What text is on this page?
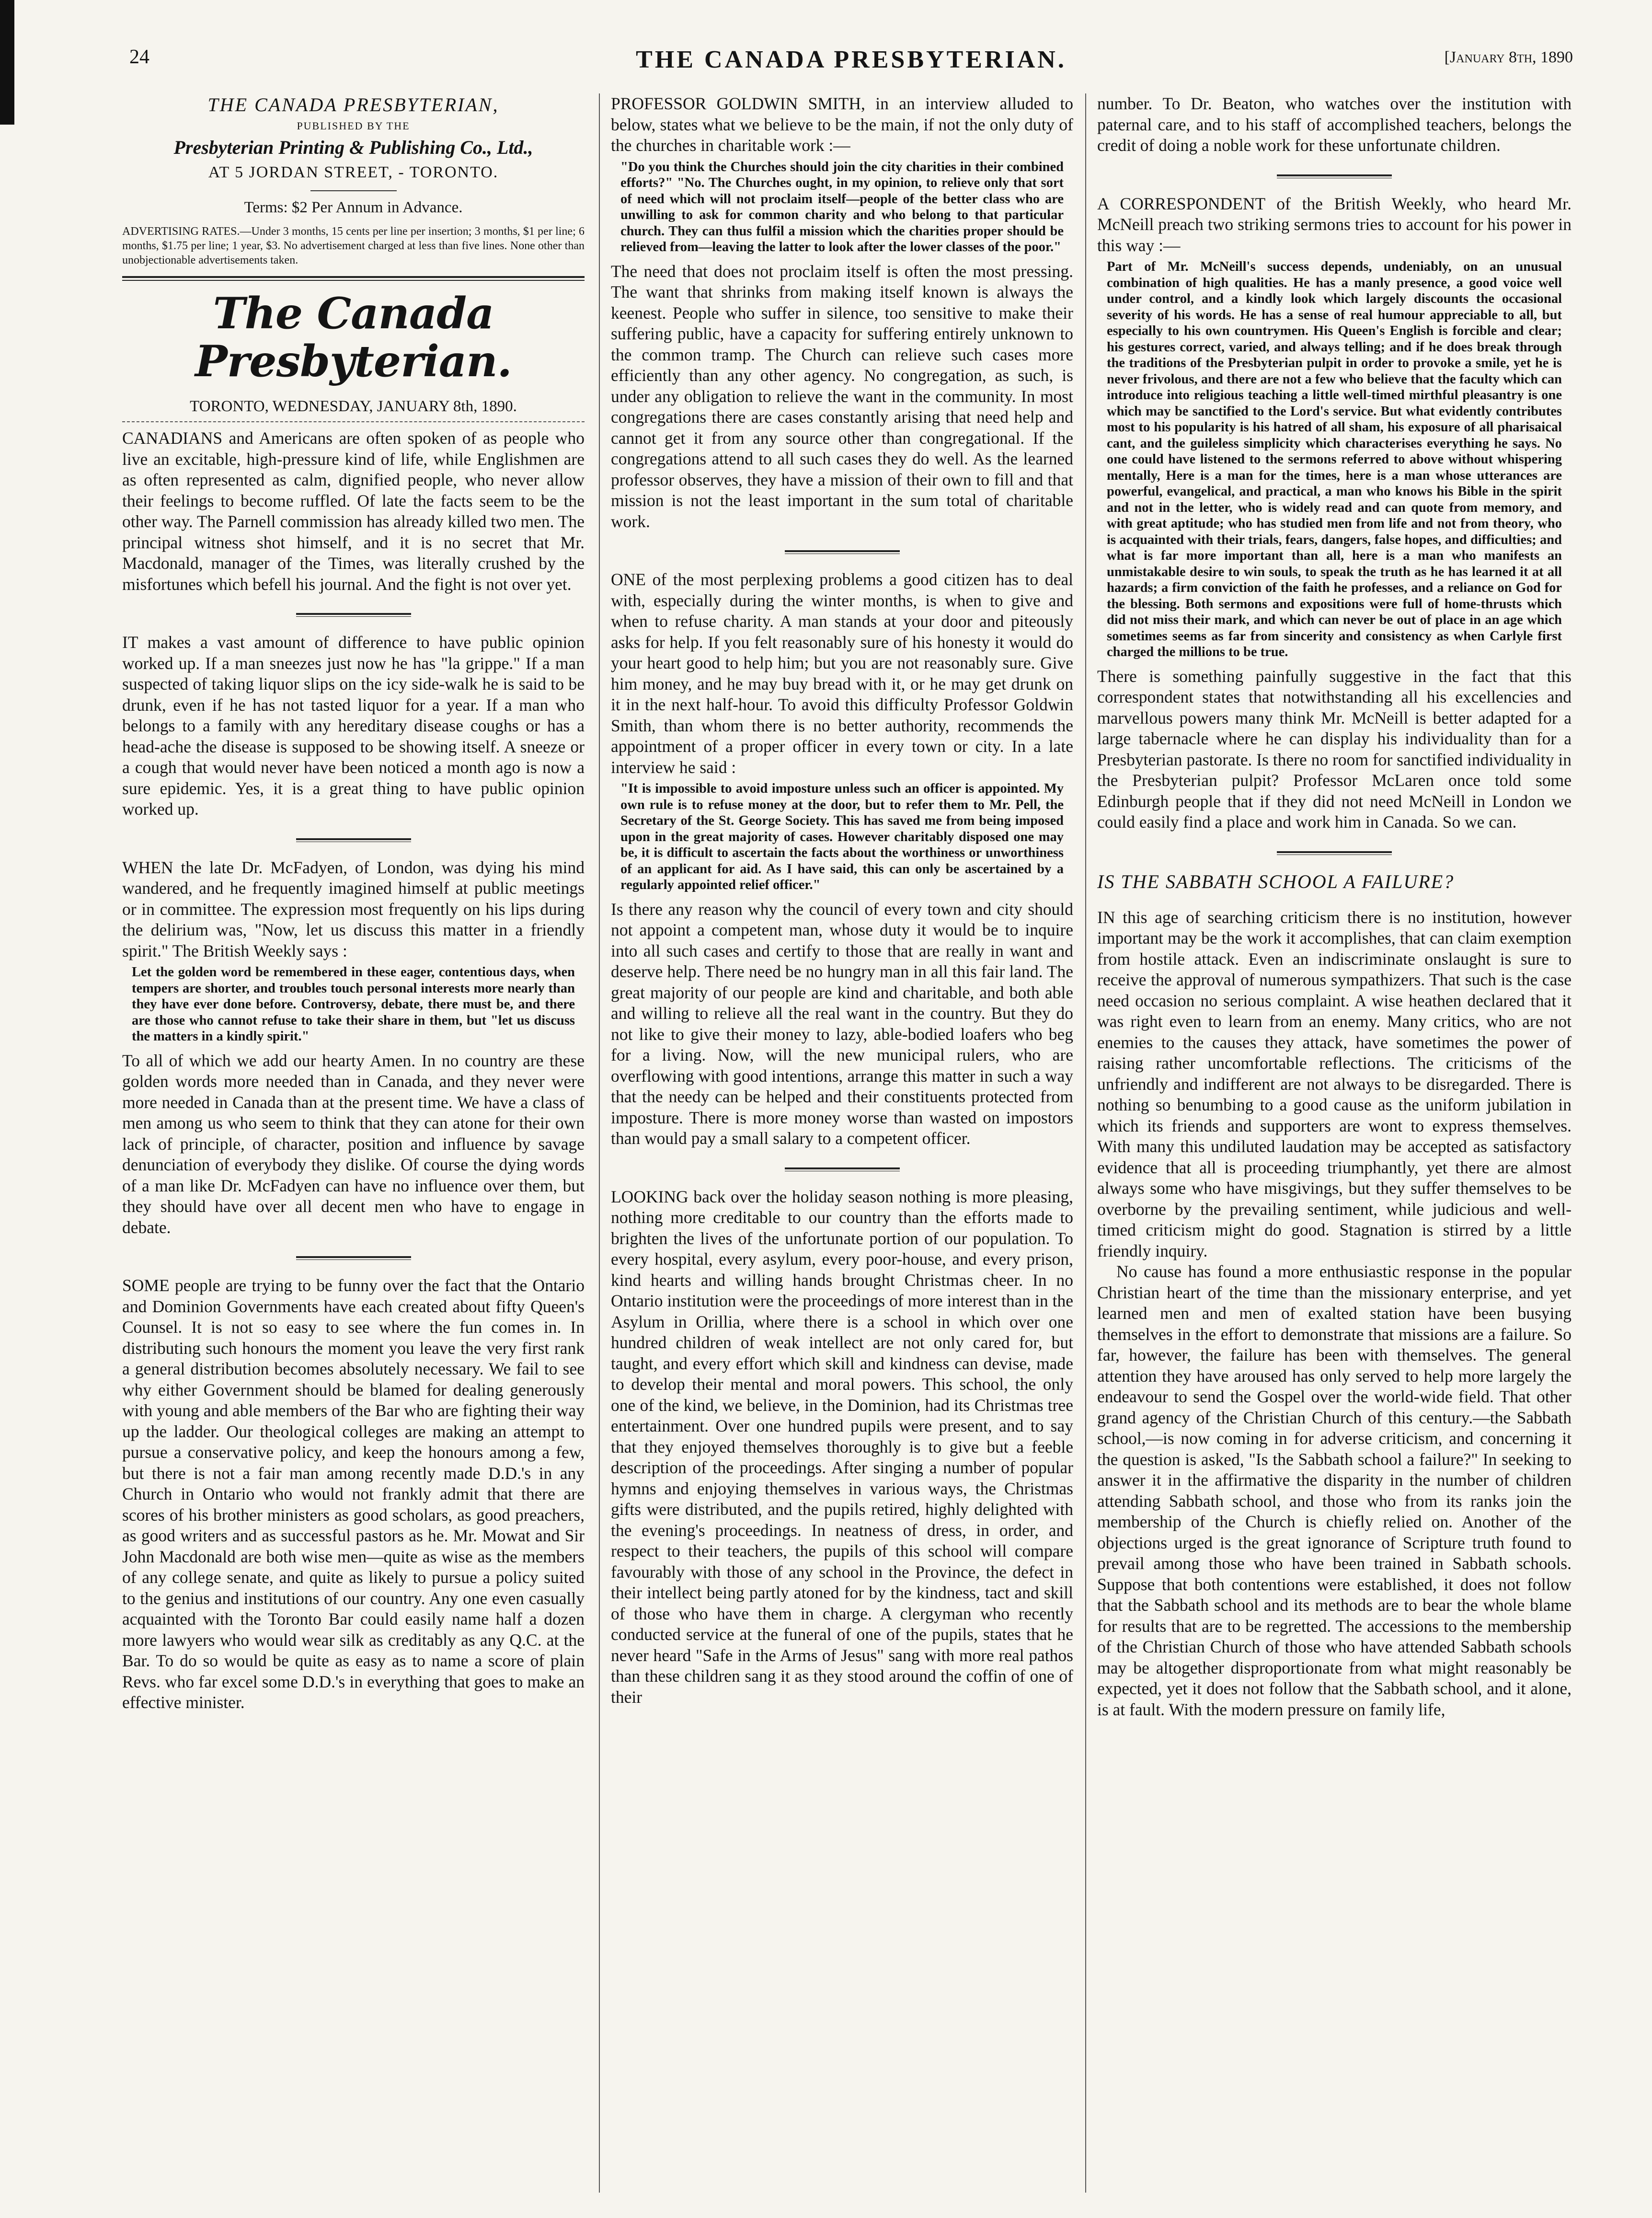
24	THE CANADA PRESBYTERIAN.	[January 8th, 1890
THE CANADA PRESBYTERIAN,
PUBLISHED BY THE
Presbyterian Printing & Publishing Co., Ltd.,
AT 5 JORDAN STREET, - TORONTO.
Terms: $2 Per Annum in Advance.
ADVERTISING RATES.—Under 3 months, 15 cents per line per insertion; 3 months, $1 per line; 6 months, $1.75 per line; 1 year, $3. No advertisement charged at less than five lines. None other than unobjectionable advertisements taken.
The Canada Presbyterian.
TORONTO, WEDNESDAY, JANUARY 8th, 1890.

CANADIANS and Americans are often spoken of as people who live an excitable, high-pressure kind of life, while Englishmen are as often represented as calm, dignified people, who never allow their feelings to become ruffled. Of late the facts seem to be the other way. The Parnell commission has already killed two men. The principal witness shot himself, and it is no secret that Mr. Macdonald, manager of the Times, was literally crushed by the misfortunes which befell his journal. And the fight is not over yet.

IT makes a vast amount of difference to have public opinion worked up. If a man sneezes just now he has "la grippe." If a man suspected of taking liquor slips on the icy side-walk he is said to be drunk, even if he has not tasted liquor for a year. If a man who belongs to a family with any hereditary disease coughs or has a head-ache the disease is supposed to be showing itself. A sneeze or a cough that would never have been noticed a month ago is now a sure epidemic. Yes, it is a great thing to have public opinion worked up.

WHEN the late Dr. McFadyen, of London, was dying his mind wandered, and he frequently imagined himself at public meetings or in committee. The expression most frequently on his lips during the delirium was, "Now, let us discuss this matter in a friendly spirit." The British Weekly says :

Let the golden word be remembered in these eager, contentious days, when tempers are shorter, and troubles touch personal interests more nearly than they have ever done before. Controversy, debate, there must be, and there are those who cannot refuse to take their share in them, but "let us discuss the matters in a kindly spirit."

To all of which we add our hearty Amen. In no country are these golden words more needed than in Canada, and they never were more needed in Canada than at the present time. We have a class of men among us who seem to think that they can atone for their own lack of principle, of character, position and influence by savage denunciation of everybody they dislike. Of course the dying words of a man like Dr. McFadyen can have no influence over them, but they should have over all decent men who have to engage in debate.

SOME people are trying to be funny over the fact that the Ontario and Dominion Governments have each created about fifty Queen's Counsel. It is not so easy to see where the fun comes in. In distributing such honours the moment you leave the very first rank a general distribution becomes absolutely necessary. We fail to see why either Government should be blamed for dealing generously with young and able members of the Bar who are fighting their way up the ladder. Our theological colleges are making an attempt to pursue a conservative policy, and keep the honours among a few, but there is not a fair man among recently made D.D.'s in any Church in Ontario who would not frankly admit that there are scores of his brother ministers as good scholars, as good preachers, as good writers and as successful pastors as he. Mr. Mowat and Sir John Macdonald are both wise men—quite as wise as the members of any college senate, and quite as likely to pursue a policy suited to the genius and institutions of our country. Any one even casually acquainted with the Toronto Bar could easily name half a dozen more lawyers who would wear silk as creditably as any Q.C. at the Bar. To do so would be quite as easy as to name a score of plain Revs. who far excel some D.D.'s in everything that goes to make an effective minister.

PROFESSOR GOLDWIN SMITH, in an interview alluded to below, states what we believe to be the main, if not the only duty of the churches in charitable work :—

"Do you think the Churches should join the city charities in their combined efforts?" "No. The Churches ought, in my opinion, to relieve only that sort of need which will not proclaim itself—people of the better class who are unwilling to ask for common charity and who belong to that particular church. They can thus fulfil a mission which the charities proper should be relieved from—leaving the latter to look after the lower classes of the poor."

The need that does not proclaim itself is often the most pressing. The want that shrinks from making itself known is always the keenest. People who suffer in silence, too sensitive to make their suffering public, have a capacity for suffering entirely unknown to the common tramp. The Church can relieve such cases more efficiently than any other agency. No congregation, as such, is under any obligation to relieve the want in the community. In most congregations there are cases constantly arising that need help and cannot get it from any source other than congregational. If the congregations attend to all such cases they do well. As the learned professor observes, they have a mission of their own to fill and that mission is not the least important in the sum total of charitable work.

ONE of the most perplexing problems a good citizen has to deal with, especially during the winter months, is when to give and when to refuse charity. A man stands at your door and piteously asks for help. If you felt reasonably sure of his honesty it would do your heart good to help him; but you are not reasonably sure. Give him money, and he may buy bread with it, or he may get drunk on it in the next half-hour. To avoid this difficulty Professor Goldwin Smith, than whom there is no better authority, recommends the appointment of a proper officer in every town or city. In a late interview he said :

"It is impossible to avoid imposture unless such an officer is appointed. My own rule is to refuse money at the door, but to refer them to Mr. Pell, the Secretary of the St. George Society. This has saved me from being imposed upon in the great majority of cases. However charitably disposed one may be, it is difficult to ascertain the facts about the worthiness or unworthiness of an applicant for aid. As I have said, this can only be ascertained by a regularly appointed relief officer."

Is there any reason why the council of every town and city should not appoint a competent man, whose duty it would be to inquire into all such cases and certify to those that are really in want and deserve help. There need be no hungry man in all this fair land. The great majority of our people are kind and charitable, and both able and willing to relieve all the real want in the country. But they do not like to give their money to lazy, able-bodied loafers who beg for a living. Now, will the new municipal rulers, who are overflowing with good intentions, arrange this matter in such a way that the needy can be helped and their constituents protected from imposture. There is more money worse than wasted on impostors than would pay a small salary to a competent officer.

LOOKING back over the holiday season nothing is more pleasing, nothing more creditable to our country than the efforts made to brighten the lives of the unfortunate portion of our population. To every hospital, every asylum, every poor-house, and every prison, kind hearts and willing hands brought Christmas cheer. In no Ontario institution were the proceedings of more interest than in the Asylum in Orillia, where there is a school in which over one hundred children of weak intellect are not only cared for, but taught, and every effort which skill and kindness can devise, made to develop their mental and moral powers. This school, the only one of the kind, we believe, in the Dominion, had its Christmas tree entertainment. Over one hundred pupils were present, and to say that they enjoyed themselves thoroughly is to give but a feeble description of the proceedings. After singing a number of popular hymns and enjoying themselves in various ways, the Christmas gifts were distributed, and the pupils retired, highly delighted with the evening's proceedings. In neatness of dress, in order, and respect to their teachers, the pupils of this school will compare favourably with those of any school in the Province, the defect in their intellect being partly atoned for by the kindness, tact and skill of those who have them in charge. A clergyman who recently conducted service at the funeral of one of the pupils, states that he never heard "Safe in the Arms of Jesus" sang with more real pathos than these children sang it as they stood around the coffin of one of their

number. To Dr. Beaton, who watches over the institution with paternal care, and to his staff of accomplished teachers, belongs the credit of doing a noble work for these unfortunate children.

A CORRESPONDENT of the British Weekly, who heard Mr. McNeill preach two striking sermons tries to account for his power in this way :—

Part of Mr. McNeill's success depends, undeniably, on an unusual combination of high qualities. He has a manly presence, a good voice well under control, and a kindly look which largely discounts the occasional severity of his words. He has a sense of real humour appreciable to all, but especially to his own countrymen. His Queen's English is forcible and clear; his gestures correct, varied, and always telling; and if he does break through the traditions of the Presbyterian pulpit in order to provoke a smile, yet he is never frivolous, and there are not a few who believe that the faculty which can introduce into religious teaching a little well-timed mirthful pleasantry is one which may be sanctified to the Lord's service. But what evidently contributes most to his popularity is his hatred of all sham, his exposure of all pharisaical cant, and the guileless simplicity which characterises everything he says. No one could have listened to the sermons referred to above without whispering mentally, Here is a man for the times, here is a man whose utterances are powerful, evangelical, and practical, a man who knows his Bible in the spirit and not in the letter, who is widely read and can quote from memory, and with great aptitude; who has studied men from life and not from theory, who is acquainted with their trials, fears, dangers, false hopes, and difficulties; and what is far more important than all, here is a man who manifests an unmistakable desire to win souls, to speak the truth as he has learned it at all hazards; a firm conviction of the faith he professes, and a reliance on God for the blessing. Both sermons and expositions were full of home-thrusts which did not miss their mark, and which can never be out of place in an age which sometimes seems as far from sincerity and consistency as when Carlyle first charged the millions to be true.

There is something painfully suggestive in the fact that this correspondent states that notwithstanding all his excellencies and marvellous powers many think Mr. McNeill is better adapted for a large tabernacle where he can display his individuality than for a Presbyterian pastorate. Is there no room for sanctified individuality in the Presbyterian pulpit? Professor McLaren once told some Edinburgh people that if they did not need McNeill in London we could easily find a place and work him in Canada. So we can.

IS THE SABBATH SCHOOL A FAILURE?

IN this age of searching criticism there is no institution, however important may be the work it accomplishes, that can claim exemption from hostile attack. Even an indiscriminate onslaught is sure to receive the approval of numerous sympathizers. That such is the case need occasion no serious complaint. A wise heathen declared that it was right even to learn from an enemy. Many critics, who are not enemies to the causes they attack, have sometimes the power of raising rather uncomfortable reflections. The criticisms of the unfriendly and indifferent are not always to be disregarded. There is nothing so benumbing to a good cause as the uniform jubilation in which its friends and supporters are wont to express themselves. With many this undiluted laudation may be accepted as satisfactory evidence that all is proceeding triumphantly, yet there are almost always some who have misgivings, but they suffer themselves to be overborne by the prevailing sentiment, while judicious and well-timed criticism might do good. Stagnation is stirred by a little friendly inquiry.

No cause has found a more enthusiastic response in the popular Christian heart of the time than the missionary enterprise, and yet learned men and men of exalted station have been busying themselves in the effort to demonstrate that missions are a failure. So far, however, the failure has been with themselves. The general attention they have aroused has only served to help more largely the endeavour to send the Gospel over the world-wide field. That other grand agency of the Christian Church of this century.—the Sabbath school,—is now coming in for adverse criticism, and concerning it the question is asked, "Is the Sabbath school a failure?" In seeking to answer it in the affirmative the disparity in the number of children attending Sabbath school, and those who from its ranks join the membership of the Church is chiefly relied on. Another of the objections urged is the great ignorance of Scripture truth found to prevail among those who have been trained in Sabbath schools. Suppose that both contentions were established, it does not follow that the Sabbath school and its methods are to bear the whole blame for results that are to be regretted. The accessions to the membership of the Christian Church of those who have attended Sabbath schools may be altogether disproportionate from what might reasonably be expected, yet it does not follow that the Sabbath school, and it alone, is at fault. With the modern pressure on family life,
